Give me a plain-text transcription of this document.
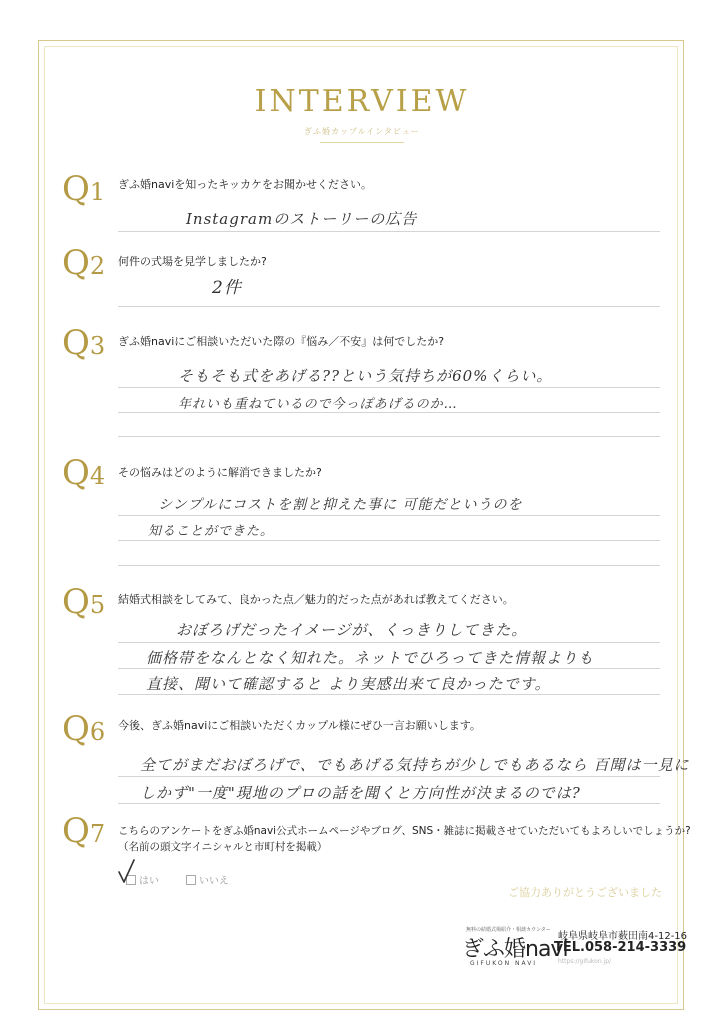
INTERVIEW
ぎふ婚カップルインタビュー
Q1 ぎふ婚naviを知ったキッカケをお聞かせください。
Instagramのストーリーの広告
Q2 何件の式場を見学しましたか?
2件
Q3 ぎふ婚naviにご相談いただいた際の『悩み／不安』は何でしたか?
そもそも式をあげる??という気持ちが60%くらい。
年れいも重ねているので今っぽあげるのか…
Q4 その悩みはどのように解消できましたか?
シンプルにコストを割と抑えた事に 可能だというのを
知ることができた。
Q5 結婚式相談をしてみて、良かった点／魅力的だった点があれば教えてください。
おぼろげだったイメージが、くっきりしてきた。
価格帯をなんとなく知れた。ネットでひろってきた情報よりも
直接、聞いて確認すると より実感出来て良かったです。
Q6 今後、ぎふ婚naviにご相談いただくカップル様にぜひ一言お願いします。
全てがまだおぼろげで、でもあげる気持ちが少しでもあるなら 百聞は一見に
しかず"一度"現地のプロの話を聞くと方向性が決まるのでは?
Q7 こちらのアンケートをぎふ婚navi公式ホームページやブログ、SNS・雑誌に掲載させていただいてもよろしいでしょうか?
（名前の頭文字イニシャルと市町村を掲載）
はい	いいえ
ご協力ありがとうございました
無料の結婚式場紹介・相談カウンター
ぎふ婚navi
GIFUKON NAVI
岐阜県岐阜市薮田南4-12-16
TEL.058-214-3339
https://gifukon.jp/
